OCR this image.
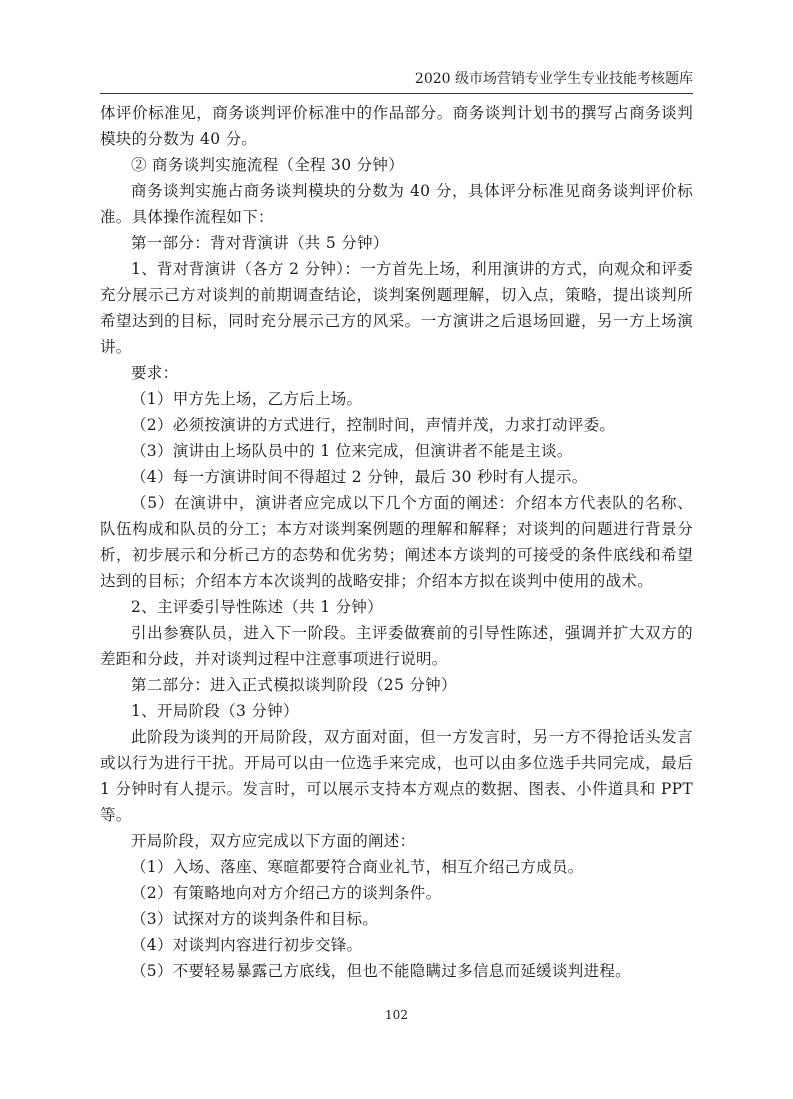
2020 级市场营销专业学生专业技能考核题库

体评价标准见，商务谈判评价标准中的作品部分。商务谈判计划书的撰写占商务谈判模块的分数为 40 分。

② 商务谈判实施流程（全程 30 分钟）

商务谈判实施占商务谈判模块的分数为 40 分，具体评分标准见商务谈判评价标准。具体操作流程如下：

第一部分：背对背演讲（共 5 分钟）

1、背对背演讲（各方 2 分钟）：一方首先上场，利用演讲的方式，向观众和评委充分展示己方对谈判的前期调查结论，谈判案例题理解，切入点，策略，提出谈判所希望达到的目标，同时充分展示己方的风采。一方演讲之后退场回避，另一方上场演讲。

要求：

（1）甲方先上场，乙方后上场。

（2）必须按演讲的方式进行，控制时间，声情并茂，力求打动评委。

（3）演讲由上场队员中的 1 位来完成，但演讲者不能是主谈。

（4）每一方演讲时间不得超过 2 分钟，最后 30 秒时有人提示。

（5）在演讲中，演讲者应完成以下几个方面的阐述：介绍本方代表队的名称、队伍构成和队员的分工；本方对谈判案例题的理解和解释；对谈判的问题进行背景分析，初步展示和分析己方的态势和优劣势；阐述本方谈判的可接受的条件底线和希望达到的目标；介绍本方本次谈判的战略安排；介绍本方拟在谈判中使用的战术。

2、主评委引导性陈述（共 1 分钟）

引出参赛队员，进入下一阶段。主评委做赛前的引导性陈述，强调并扩大双方的差距和分歧，并对谈判过程中注意事项进行说明。

第二部分：进入正式模拟谈判阶段（25 分钟）

1、开局阶段（3 分钟）

此阶段为谈判的开局阶段，双方面对面，但一方发言时，另一方不得抢话头发言或以行为进行干扰。开局可以由一位选手来完成，也可以由多位选手共同完成，最后 1 分钟时有人提示。发言时，可以展示支持本方观点的数据、图表、小件道具和 PPT 等。

开局阶段，双方应完成以下方面的阐述：

（1）入场、落座、寒暄都要符合商业礼节，相互介绍己方成员。

（2）有策略地向对方介绍己方的谈判条件。

（3）试探对方的谈判条件和目标。

（4）对谈判内容进行初步交锋。

（5）不要轻易暴露己方底线，但也不能隐瞒过多信息而延缓谈判进程。

102
